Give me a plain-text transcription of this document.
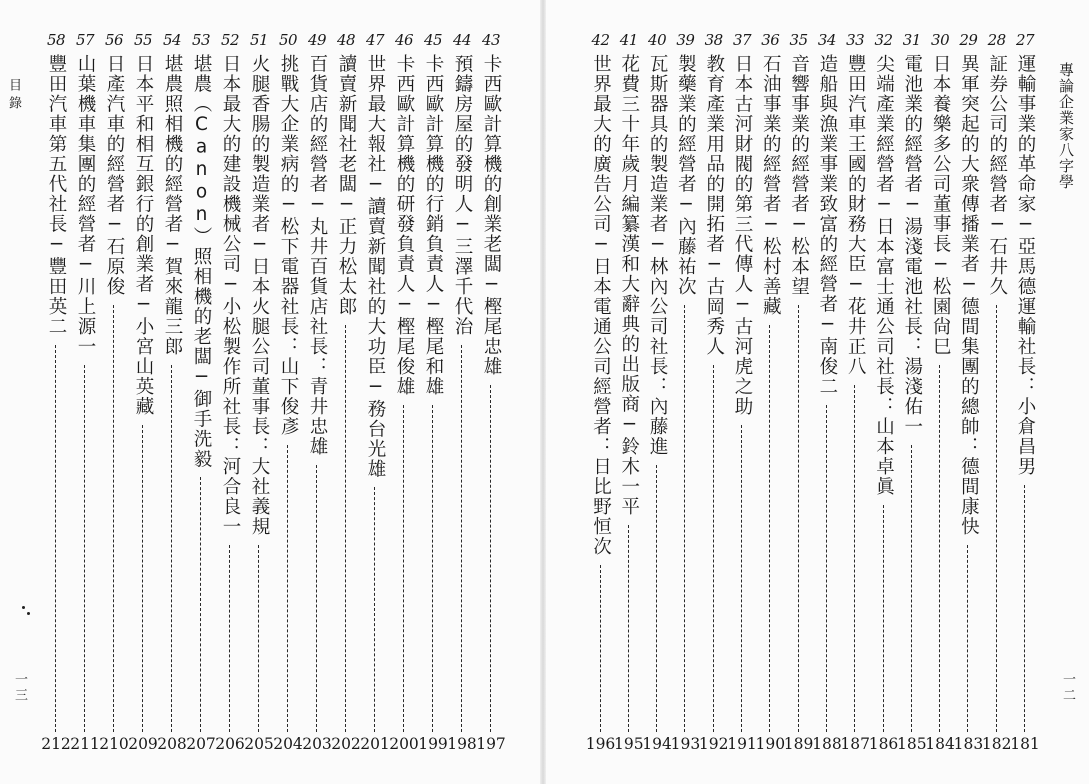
目錄
一三
專論企業家八字學
一二
43
卡西歐計算機的創業老闆─樫尾忠雄
197
44
預鑄房屋的發明人─三澤千代治
198
45
卡西歐計算機的行銷負責人─樫尾和雄
199
46
卡西歐計算機的研發負責人─樫尾俊雄
200
47
世界最大報社─讀賣新聞社的大功臣─務台光雄
201
48
讀賣新聞社老闆─正力松太郎
202
49
百貨店的經營者─丸井百貨店社長：青井忠雄
203
50
挑戰大企業病的─松下電器社長：山下俊彥
204
51
火腿香腸的製造業者─日本火腿公司董事長：大社義規
205
52
日本最大的建設機械公司─小松製作所社長：河合良一
206
53
堪農（Canon）照相機的老闆─御手洗毅
207
54
堪農照相機的經營者─賀來龍三郎
208
55
日本平和相互銀行的創業者─小宮山英藏
209
56
日產汽車的經營者─石原俊
210
57
山葉機車集團的經營者─川上源一
211
58
豐田汽車第五代社長─豐田英二
212
27
運輸事業的革命家─亞馬德運輸社長：小倉昌男
181
28
証券公司的經營者─石井久
182
29
異軍突起的大衆傳播業者─德間集團的總帥：德間康快
183
30
日本養樂多公司董事長─松園尙巳
184
31
電池業的經營者─湯淺電池社長：湯淺佑一
185
32
尖端產業經營者─日本富士通公司社長：山本卓眞
186
33
豐田汽車王國的財務大臣─花井正八
187
34
造船與漁業事業致富的經營者─南俊二
188
35
音響事業的經營者─松本望
189
36
石油事業的經營者─松村善藏
190
37
日本古河財閥的第三代傳人─古河虎之助
191
38
教育產業用品的開拓者─古岡秀人
192
39
製藥業的經營者─內藤祐次
193
40
瓦斯器具的製造業者─林內公司社長：內藤進
194
41
花費三十年歲月編纂漢和大辭典的出版商─鈴木一平
195
42
世界最大的廣告公司─日本電通公司經營者：日比野恒次
196
